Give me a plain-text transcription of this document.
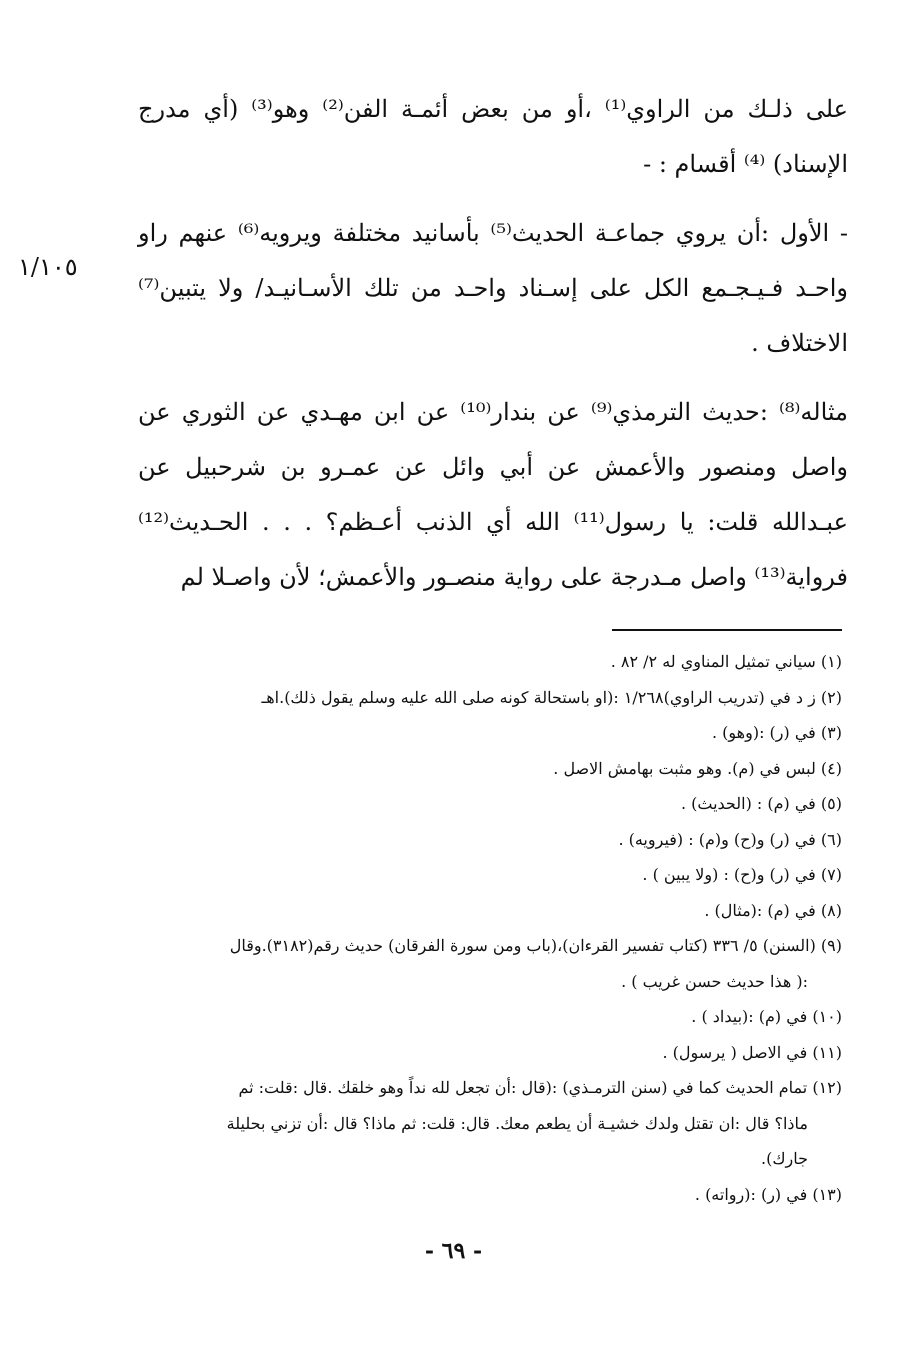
على ذلـك من الراوي⁽¹⁾ ،أو من بعض أئمـة الفن⁽²⁾ وهو⁽³⁾ (أي مدرج الإسناد) ⁽⁴⁾ أقسام : -

- الأول :أن يروي جماعـة الحديث⁽⁵⁾ بأسانيد مختلفة ويرويه⁽⁶⁾ عنهم راو واحـد فـيـجـمع الكل على إسـناد واحـد من تلك الأسـانيـد/ ولا يتبين⁽⁷⁾ الاختلاف .

مثاله⁽⁸⁾ :حديث الترمذي⁽⁹⁾ عن بندار⁽¹⁰⁾ عن ابن مهـدي عن الثوري عن واصل ومنصور والأعمش عن أبي وائل عن عمـرو بن شرحبيل عن عبـدالله قلت: يا رسول⁽¹¹⁾ الله أي الذنب أعـظم؟ . . . الحـديث⁽¹²⁾ فرواية⁽¹³⁾ واصل مـدرجة على رواية منصـور والأعمش؛ لأن واصـلا لم

١/١٠٥

(١) سياني تمثيل المناوي له ٢/ ٨٢ .

(٢) ز د في (تدريب الراوي)١/٢٦٨ :(او باستحالة كونه صلى الله عليه وسلم يقول ذلك).اهـ

(٣) في (ر) :(وهو) .

(٤) لبس في (م). وهو مثبت بهامش الاصل .

(٥) في (م) : (الحديث) .

(٦) في (ر) و(ح) و(م) : (فيرويه) .

(٧) في (ر) و(ح) : (ولا يبين ) .

(٨) في (م) :(مثال) .

(٩) (السنن) ٥/ ٣٣٦ (كتاب تفسير القرءان)،(باب ومن سورة الفرقان) حديث رقم(٣١٨٢).وقال

:( هذا حديث حسن غريب ) .

(١٠) في (م) :(بيداد ) .

(١١) في الاصل ( يرسول) .

(١٢) تمام الحديث كما في (سنن الترمـذي) :(قال :أن تجعل لله نداً وهو خلقك .قال :قلت: ثم

ماذا؟ قال :ان تقتل ولدك خشيـة أن يطعم معك. قال: قلت: ثم ماذا؟ قال :أن تزني بحليلة

جارك).

(١٣) في (ر) :(رواته) .

- ٦٩ -
